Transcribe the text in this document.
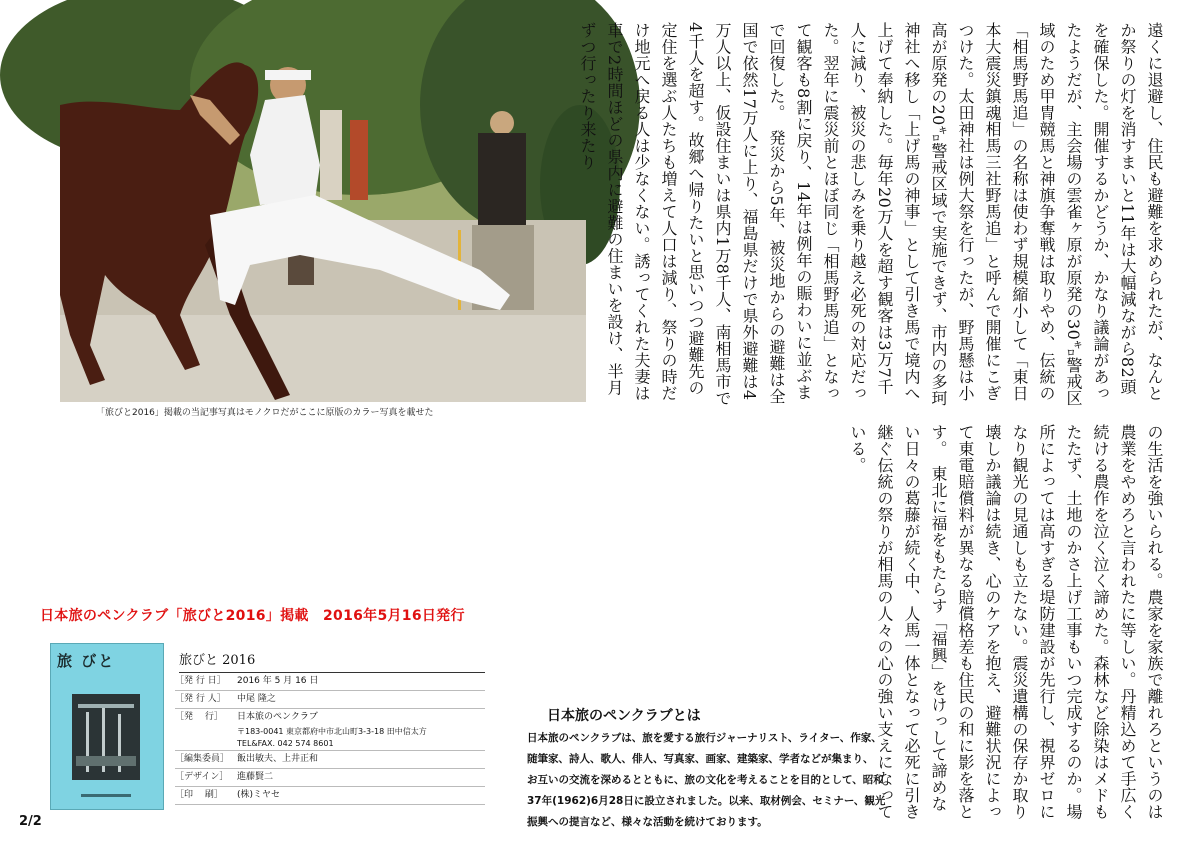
「旅びと2016」掲載の当記事写真はモノクロだがここに原版のカラー写真を載せた
遠くに退避し、住民も避難を求められたが、なんとか祭りの灯を消すまいと11年は大幅減ながら82頭を確保した。開催するかどうか、かなり議論があったようだが、主会場の雲雀ヶ原が原発の30㌔警戒区域のため甲冑競馬と神旗争奪戦は取りやめ、伝統の「相馬野馬追」の名称は使わず規模縮小して「東日本大震災鎮魂相馬三社野馬追」と呼んで開催にこぎつけた。太田神社は例大祭を行ったが、野馬懸は小高が原発の20㌔警戒区域で実施できず、市内の多珂神社へ移し「上げ馬の神事」として引き馬で境内へ上げて奉納した。毎年20万人を超す観客は3万7千人に減り、被災の悲しみを乗り越え必死の対応だった。翌年に震災前とほぼ同じ「相馬野馬追」となって観客も8割に戻り、14年は例年の賑わいに並ぶまで回復した。　発災から5年、被災地からの避難は全国で依然17万人に上り、福島県だけで県外避難は4万人以上、仮設住まいは県内1万8千人、南相馬市で4千人を超す。故郷へ帰りたいと思いつつ避難先の定住を選ぶ人たちも増えて人口は減り、祭りの時だけ地元へ戻る人は少なくない。誘ってくれた夫妻は車で2時間ほどの県内に避難の住まいを設け、半月ずつ行ったり来たり
の生活を強いられる。農家を家族で離れろというのは農業をやめろと言われたに等しい。丹精込めて手広く続ける農作を泣く泣く諦めた。森林など除染はメドもたたず、土地のかさ上げ工事もいつ完成するのか。場所によっては高すぎる堤防建設が先行し、視界ゼロになり観光の見通しも立たない。震災遺構の保存か取り壊しか議論は続き、心のケアを抱え、避難状況によって東電賠償料が異なる賠償格差も住民の和に影を落とす。　東北に福をもたらす「福興」をけっして諦めない日々の葛藤が続く中、人馬一体となって必死に引き継ぐ伝統の祭りが相馬の人々の心の強い支えになっている。
日本旅のペンクラブ「旅びと2016」掲載　2016年5月16日発行
旅 びと	旅びと 2016
［発 行 日］	2016 年 5 月 16 日
［発 行 人］	中尾 隆之
［発　 行］	日本旅のペンクラブ
〒183-0041 東京都府中市北山町3-3-18 田中信太方
TEL&FAX. 042 574 8601
［編集委員］ 飯出敏夫、上井正和
［デザイン］ 進藤賢二
［印　 刷］	(株)ミヤセ
日本旅のペンクラブとは
日本旅のペンクラブは、旅を愛する旅行ジャーナリスト、ライター、作家、
随筆家、詩人、歌人、俳人、写真家、画家、建築家、学者などが集まり、
お互いの交流を深めるとともに、旅の文化を考えることを目的として、昭和
37年(1962)6月28日に設立されました。以来、取材例会、セミナー、観光
振興への提言など、様々な活動を続けております。
2/2
